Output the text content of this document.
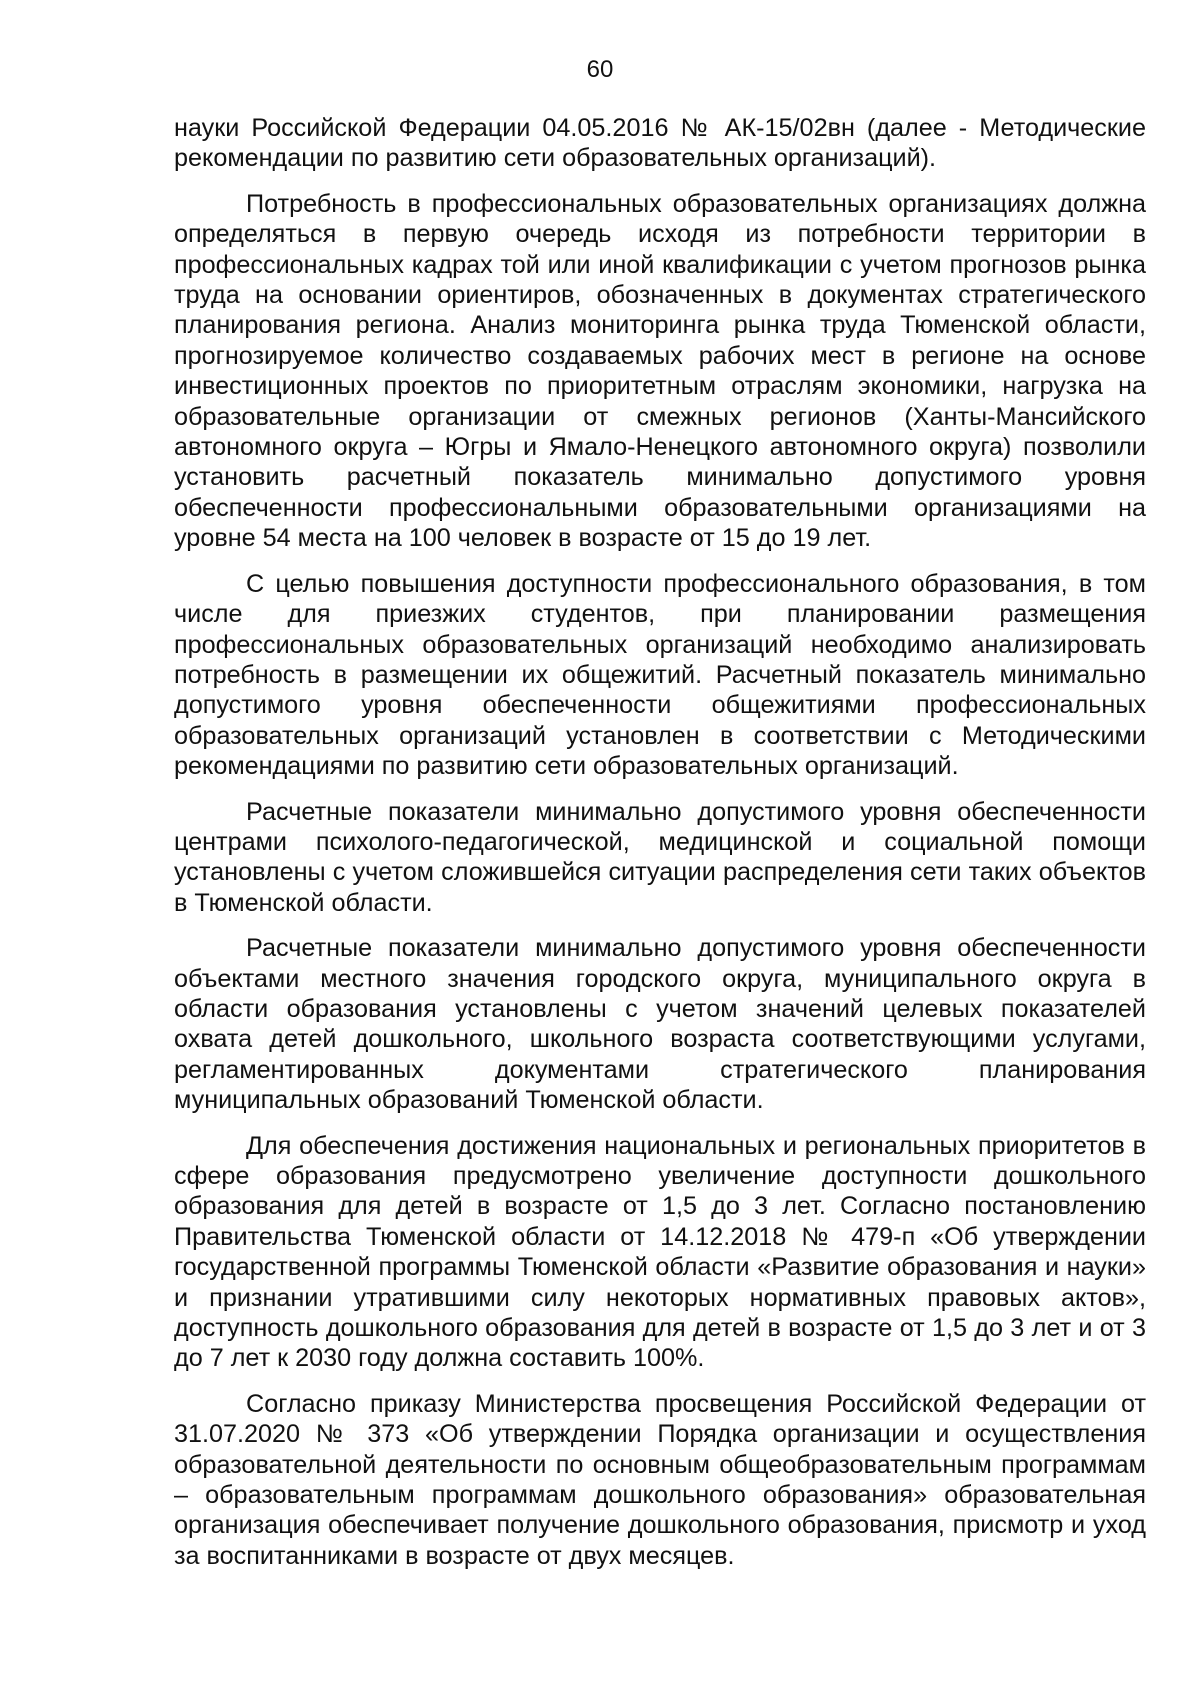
60

науки Российской Федерации 04.05.2016 № АК-15/02вн (далее - Методические рекомендации по развитию сети образовательных организаций).

Потребность в профессиональных образовательных организациях должна определяться в первую очередь исходя из потребности территории в профессиональных кадрах той или иной квалификации с учетом прогнозов рынка труда на основании ориентиров, обозначенных в документах стратегического планирования региона. Анализ мониторинга рынка труда Тюменской области, прогнозируемое количество создаваемых рабочих мест в регионе на основе инвестиционных проектов по приоритетным отраслям экономики, нагрузка на образовательные организации от смежных регионов (Ханты-Мансийского автономного округа – Югры и Ямало-Ненецкого автономного округа) позволили установить расчетный показатель минимально допустимого уровня обеспеченности профессиональными образовательными организациями на уровне 54 места на 100 человек в возрасте от 15 до 19 лет.

С целью повышения доступности профессионального образования, в том числе для приезжих студентов, при планировании размещения профессиональных образовательных организаций необходимо анализировать потребность в размещении их общежитий. Расчетный показатель минимально допустимого уровня обеспеченности общежитиями профессиональных образовательных организаций установлен в соответствии с Методическими рекомендациями по развитию сети образовательных организаций.

Расчетные показатели минимально допустимого уровня обеспеченности центрами психолого-педагогической, медицинской и социальной помощи установлены с учетом сложившейся ситуации распределения сети таких объектов в Тюменской области.

Расчетные показатели минимально допустимого уровня обеспеченности объектами местного значения городского округа, муниципального округа в области образования установлены с учетом значений целевых показателей охвата детей дошкольного, школьного возраста соответствующими услугами, регламентированных документами стратегического планирования муниципальных образований Тюменской области.

Для обеспечения достижения национальных и региональных приоритетов в сфере образования предусмотрено увеличение доступности дошкольного образования для детей в возрасте от 1,5 до 3 лет. Согласно постановлению Правительства Тюменской области от 14.12.2018 № 479-п «Об утверждении государственной программы Тюменской области «Развитие образования и науки» и признании утратившими силу некоторых нормативных правовых актов», доступность дошкольного образования для детей в возрасте от 1,5 до 3 лет и от 3 до 7 лет к 2030 году должна составить 100%.

Согласно приказу Министерства просвещения Российской Федерации от 31.07.2020 № 373 «Об утверждении Порядка организации и осуществления образовательной деятельности по основным общеобразовательным программам – образовательным программам дошкольного образования» образовательная организация обеспечивает получение дошкольного образования, присмотр и уход за воспитанниками в возрасте от двух месяцев.
